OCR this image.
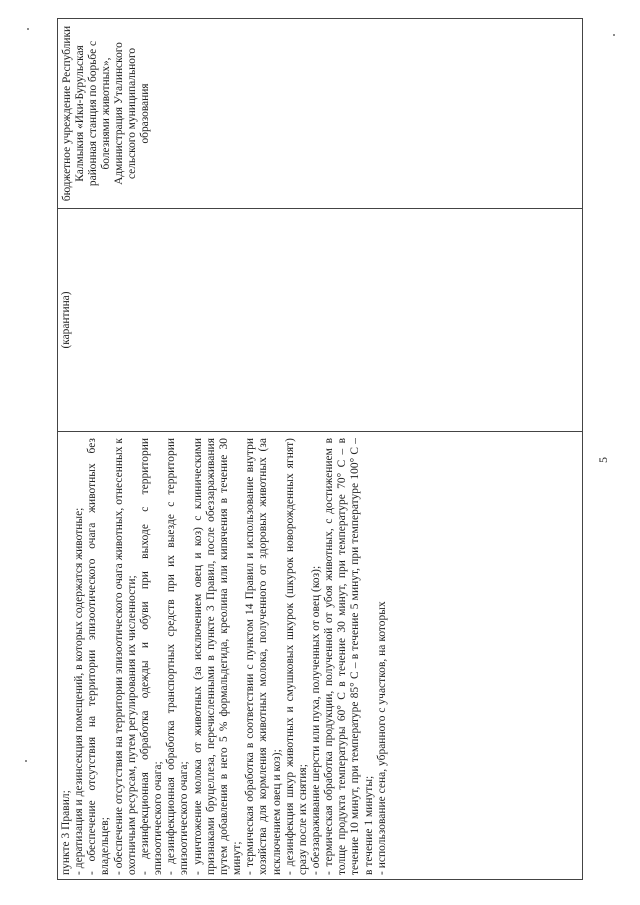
пункте 3 Правил; - дератизация и дезинсекция помещений, в которых содержатся животные; - обеспечение отсутствия на территории эпизоотического очага животных без владельцев; - обеспечение отсутствия на территории эпизоотического очага животных, отнесенных к охотничьим ресурсам, путем регулирования их численности; - дезинфекционная обработка одежды и обуви при выходе с территории эпизоотического очага; - дезинфекционная обработка транспортных средств при их выезде с территории эпизоотического очага; - уничтожение молока от животных (за исключением овец и коз) с клиническими признаками бруцеллеза, перечисленными в пункте 3 Правил, после обеззараживания путем добавления в него 5 % формальдегида, креолина или кипячения в течение 30 минут; - термическая обработка в соответствии с пунктом 14 Правил и использование внутри хозяйства для кормления животных молока, полученного от здоровых животных (за исключением овец и коз); - дезинфекция шкур животных и смушковых шкурок (шкурок новорожденных ягнят) сразу после их снятия; - обеззараживание шерсти или пуха, полученных от овец (коз); - термическая обработка продукции, полученной от убоя животных, с достижением в толще продукта температуры 60° С в течение 30 минут, при температуре 70° С – в течение 10 минут, при температуре 85° С – в течение 5 минут, при температуре 100° С – в течение 1 минуты; - использование сена, убранного с участков, на которых

(карантина)
бюджетное учреждение Республики Калмыкия «Ики-Бурульская районная станция по борьбе с болезнями животных», Администрация Уталинского сельского муниципального образования
5
